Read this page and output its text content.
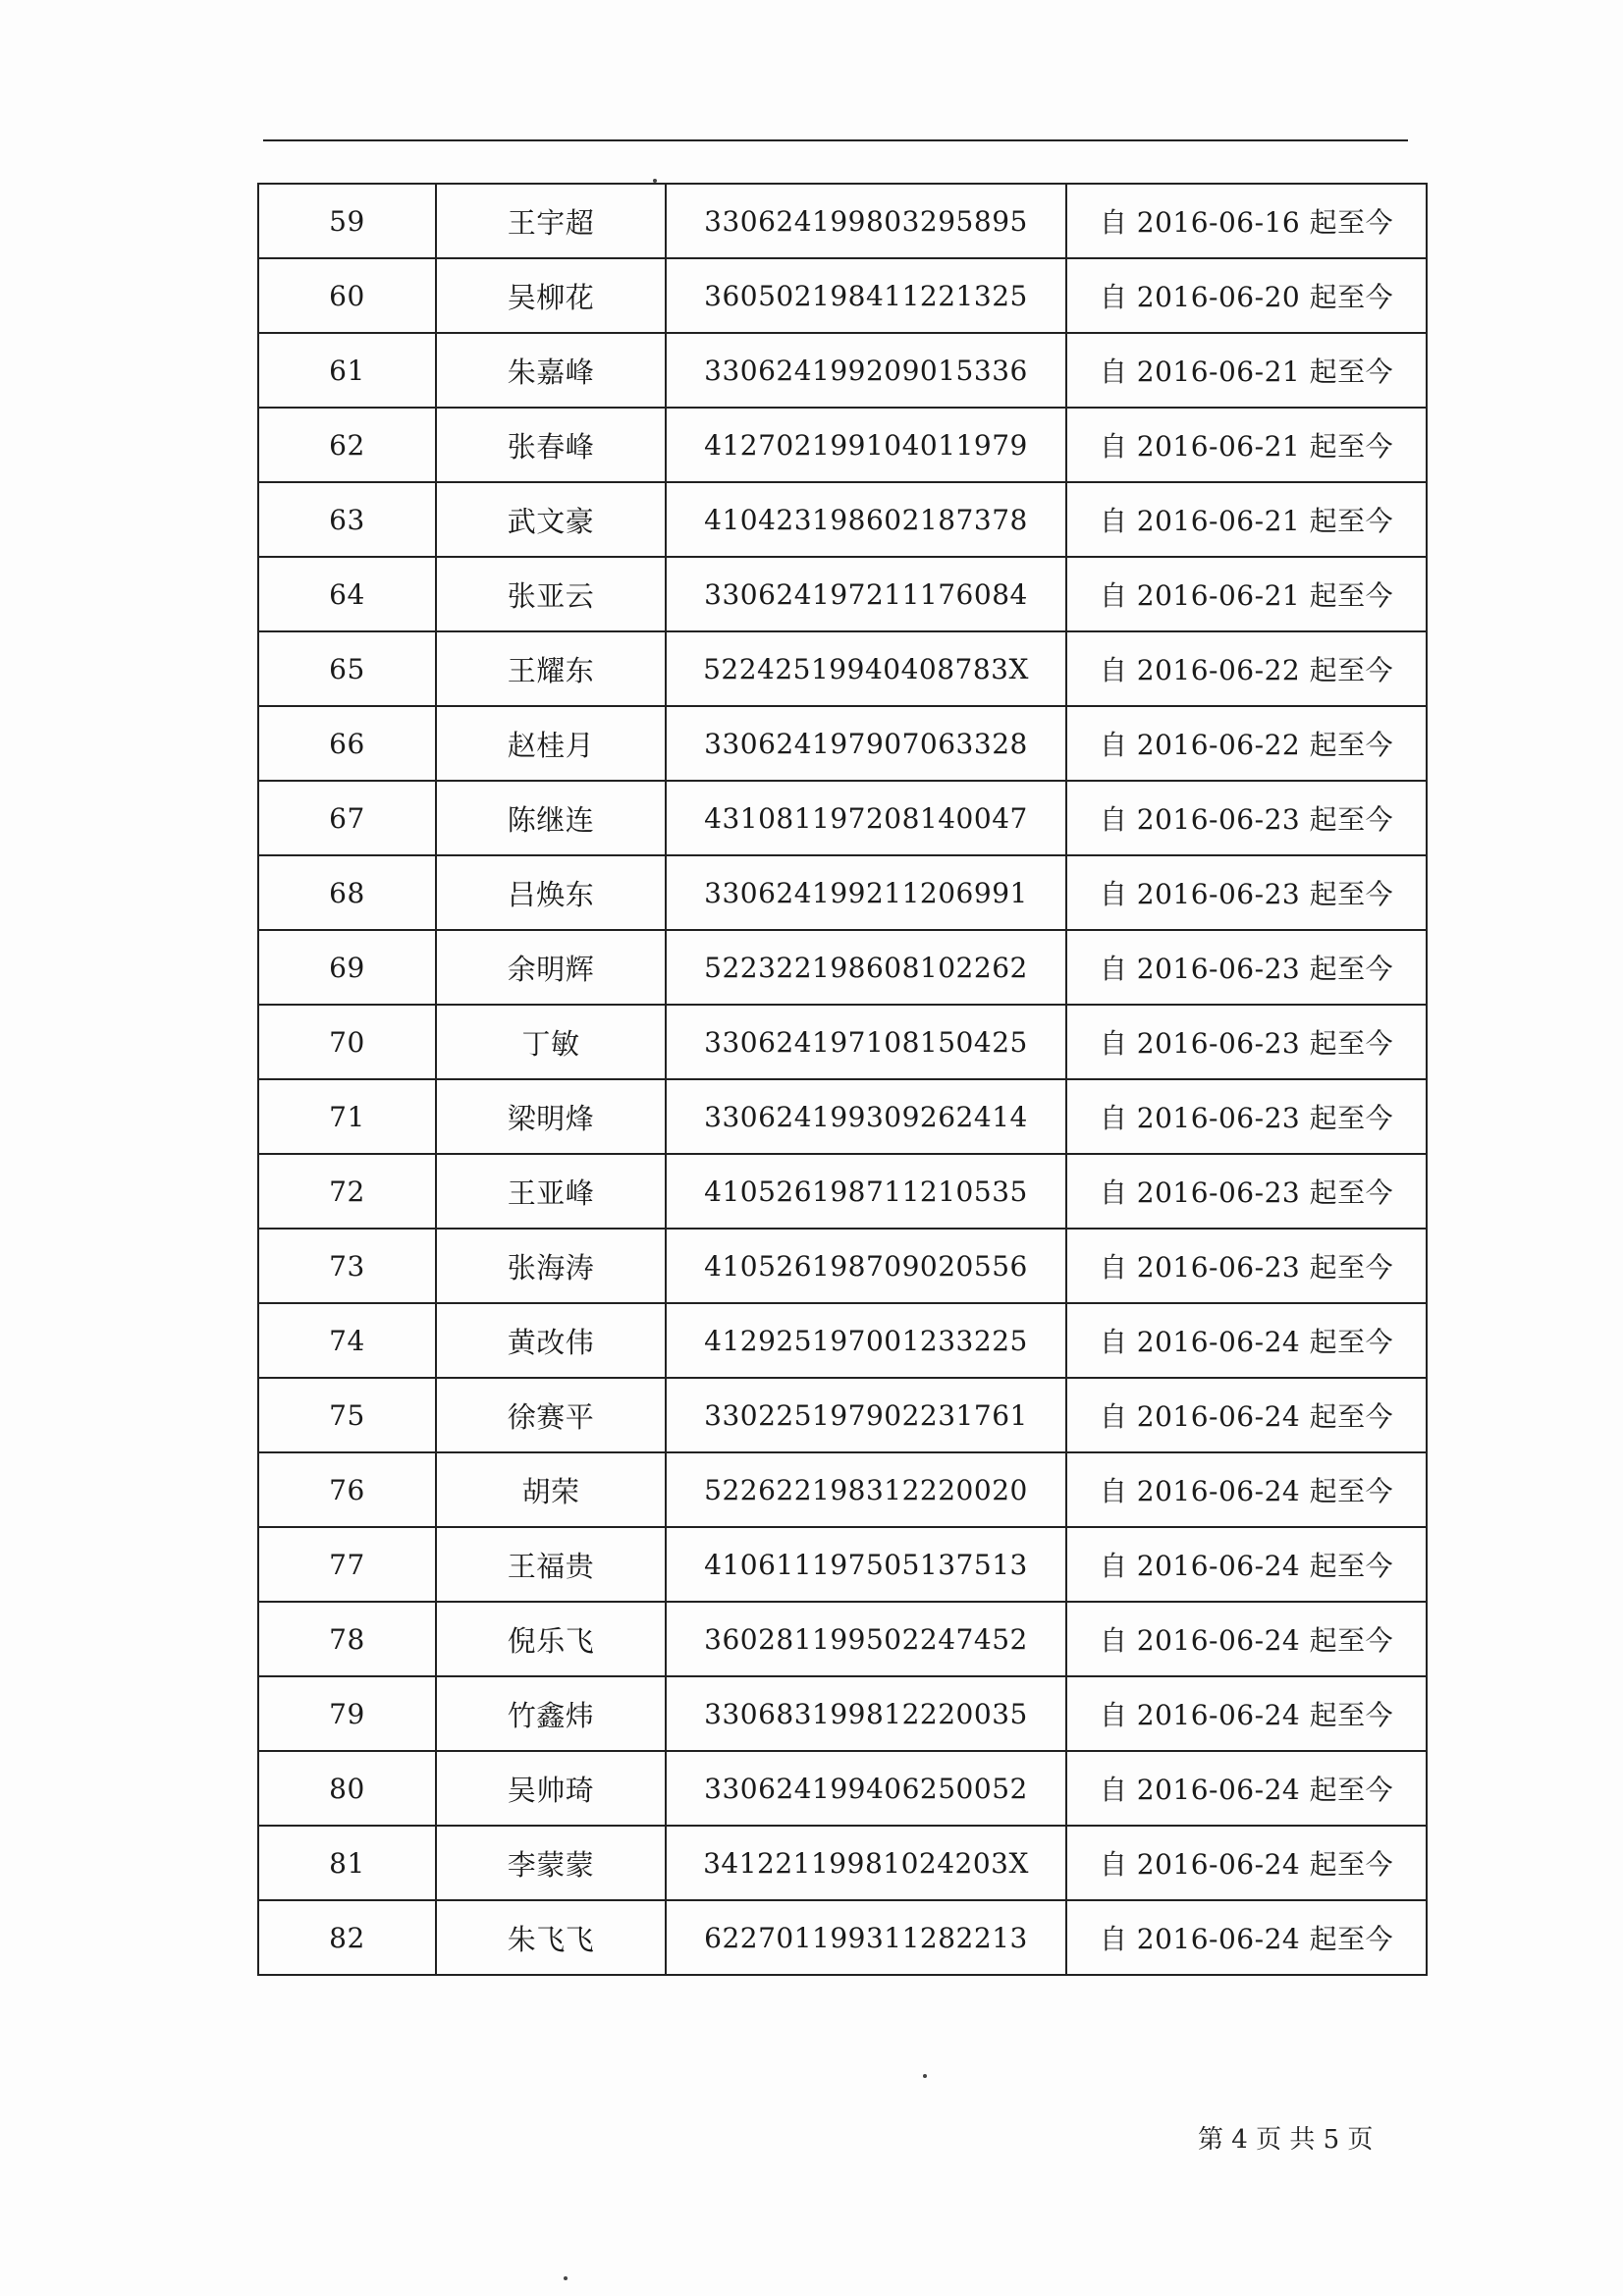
59	王宇超	330624199803295895	自 2016-06-16 起至今
60	吴柳花	360502198411221325	自 2016-06-20 起至今
61	朱嘉峰	330624199209015336	自 2016-06-21 起至今
62	张春峰	412702199104011979	自 2016-06-21 起至今
63	武文豪	410423198602187378	自 2016-06-21 起至今
64	张亚云	330624197211176084	自 2016-06-21 起至今
65	王耀东	52242519940408783X	自 2016-06-22 起至今
66	赵桂月	330624197907063328	自 2016-06-22 起至今
67	陈继连	431081197208140047	自 2016-06-23 起至今
68	吕焕东	330624199211206991	自 2016-06-23 起至今
69	余明辉	522322198608102262	自 2016-06-23 起至今
70	丁敏	330624197108150425	自 2016-06-23 起至今
71	梁明烽	330624199309262414	自 2016-06-23 起至今
72	王亚峰	410526198711210535	自 2016-06-23 起至今
73	张海涛	410526198709020556	自 2016-06-23 起至今
74	黄改伟	412925197001233225	自 2016-06-24 起至今
75	徐赛平	330225197902231761	自 2016-06-24 起至今
76	胡荣	522622198312220020	自 2016-06-24 起至今
77	王福贵	410611197505137513	自 2016-06-24 起至今
78	倪乐飞	360281199502247452	自 2016-06-24 起至今
79	竹鑫炜	330683199812220035	自 2016-06-24 起至今
80	吴帅琦	330624199406250052	自 2016-06-24 起至今
81	李蒙蒙	34122119981024203X	自 2016-06-24 起至今
82	朱飞飞	622701199311282213	自 2016-06-24 起至今
第 4 页 共 5 页
